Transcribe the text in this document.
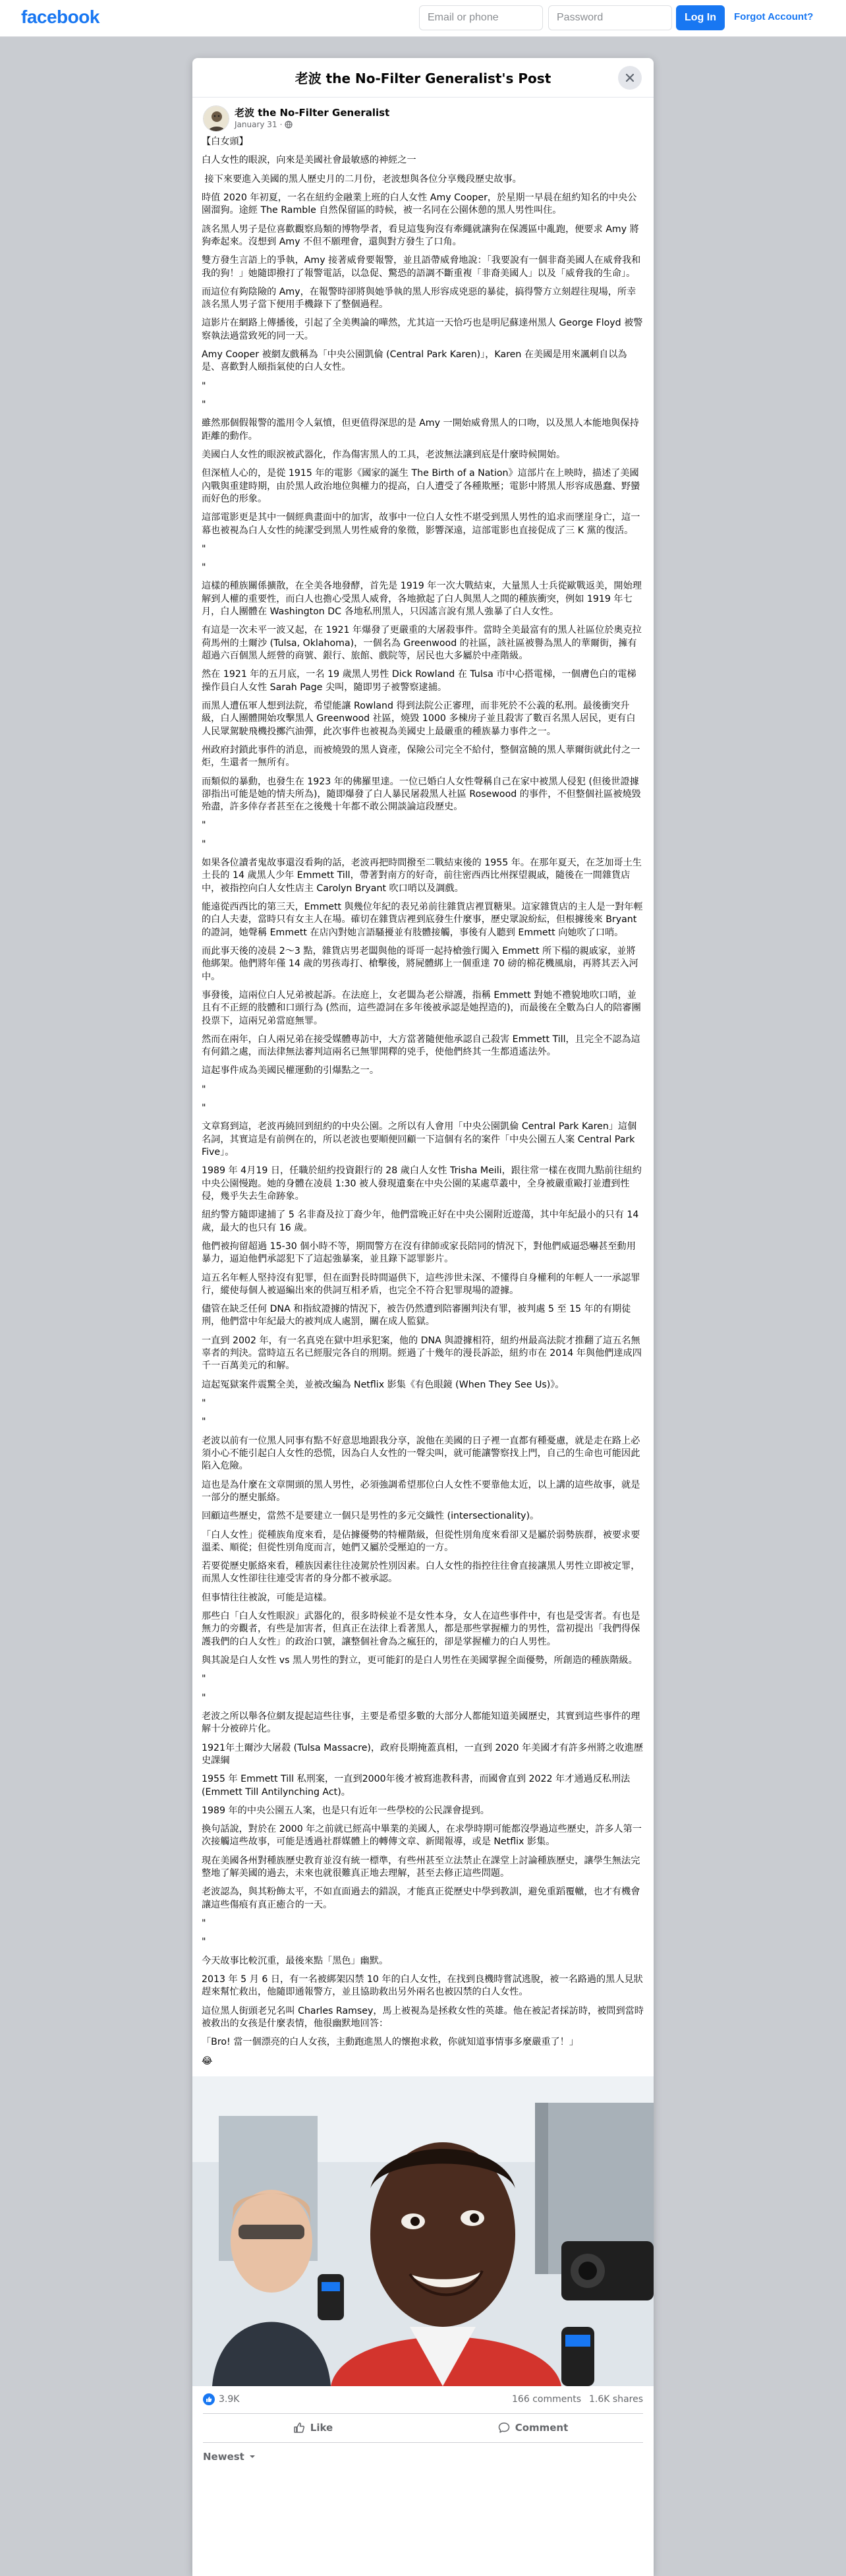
facebook
Email or phone	Log In	Forgot Account?
老波 the No-Filter Generalist's Post
老波 the No-Filter Generalist
January 31 ·

【白女頭】

白人女性的眼淚，向來是美國社會最敏感的神經之一

接下來要進入美國的黑人歷史月的二月份，老波想與各位分享幾段歷史故事。

時值 2020 年初夏，一名在紐約金融業上班的白人女性 Amy Cooper，於星期一早晨在紐約知名的中央公園溜狗。途經 The Ramble 自然保留區的時候，被一名同在公園休憩的黑人男性叫住。

該名黑人男子是位喜歡觀察鳥類的博物學者，看見這隻狗沒有牽繩就讓狗在保護區中亂跑，便要求 Amy 將狗牽起來。沒想到 Amy 不但不願理會，還與對方發生了口角。

雙方發生言語上的爭執，Amy 接著威脅要報警，並且語帶威脅地說：「我要說有一個非裔美國人在威脅我和我的狗！」她隨即撥打了報警電話，以急促、驚恐的語調不斷重複「非裔美國人」以及「威脅我的生命」。

而這位有夠陰險的 Amy，在報警時卻將與她爭執的黑人形容成兇惡的暴徒，搞得警方立刻趕往現場，所幸該名黑人男子當下便用手機錄下了整個過程。

這影片在網路上傳播後，引起了全美輿論的嘩然，尤其這一天恰巧也是明尼蘇達州黑人 George Floyd 被警察執法過當致死的同一天。

Amy Cooper 被網友戲稱為「中央公園凱倫 (Central Park Karen)」，Karen 在美國是用來諷刺自以為是、喜歡對人頤指氣使的白人女性。

"

"

雖然那個假報警的濫用令人氣憤，但更值得深思的是 Amy 一開始威脅黑人的口吻，以及黑人本能地與保持距離的動作。

美國白人女性的眼淚被武器化，作為傷害黑人的工具，老波無法讓到底是什麼時候開始。

但深植人心的，是從 1915 年的電影《國家的誕生 The Birth of a Nation》這部片在上映時，描述了美國內戰與重建時期，由於黑人政治地位與權力的提高，白人遭受了各種欺壓；電影中將黑人形容成愚蠢、野蠻而好色的形象。

這部電影更是其中一個經典畫面中的加害，故事中一位白人女性不堪受到黑人男性的追求而墜崖身亡，這一幕也被視為白人女性的純潔受到黑人男性威脅的象徵，影響深遠，這部電影也直接促成了三 K 黨的復活。

"

"

這樣的種族關係擴散，在全美各地發酵，首先是 1919 年一次大戰結束，大量黑人士兵從歐戰返美，開始理解到人權的重要性，而白人也擔心受黑人威脅，各地掀起了白人與黑人之間的種族衝突，例如 1919 年七月，白人團體在 Washington DC 各地私刑黑人，只因謠言說有黑人強暴了白人女性。

有這是一次未平一波又起，在 1921 年爆發了更嚴重的大屠殺事件。當時全美最富有的黑人社區位於奧克拉荷馬州的土爾沙 (Tulsa, Oklahoma)，一個名為 Greenwood 的社區，該社區被譽為黑人的華爾街，擁有超過六百個黑人經營的商號、銀行、旅館、戲院等，居民也大多屬於中產階級。

然在 1921 年的五月底，一名 19 歲黑人男性 Dick Rowland 在 Tulsa 市中心搭電梯，一個膚色白的電梯操作員白人女性 Sarah Page 尖叫，隨即男子被警察逮捕。

而黑人遭伍軍人想到法院，希望能讓 Rowland 得到法院公正審理，而非死於不公義的私刑。最後衝突升級，白人團體開始攻擊黑人 Greenwood 社區，燒毀 1000 多棟房子並且殺害了數百名黑人居民，更有白人民眾駕駛飛機投擲汽油彈，此次事件也被視為美國史上最嚴重的種族暴力事件之一。

州政府封鎖此事件的消息，而被燒毀的黑人資產，保險公司完全不給付，整個富饒的黑人華爾街就此付之一炬，生還者一無所有。

而類似的暴動，也發生在 1923 年的佛羅里達。一位已婚白人女性聲稱自己在家中被黑人侵犯 (但後世證據卻指出可能是她的情夫所為)，隨即爆發了白人暴民屠殺黑人社區 Rosewood 的事件，不但整個社區被燒毀殆盡，許多倖存者甚至在之後幾十年都不敢公開談論這段歷史。

"

"

如果各位讀者鬼故事還沒看夠的話，老波再把時間撥至二戰結束後的 1955 年。在那年夏天，在芝加哥土生土長的 14 歲黑人少年 Emmett Till，帶著對南方的好奇，前往密西西比州探望親戚，隨後在一間雜貨店中，被指控向白人女性店主 Carolyn Bryant 吹口哨以及調戲。

能遠從西西比的第三天，Emmett 與幾位年紀的表兄弟前往雜貨店裡買糖果。這家雜貨店的主人是一對年輕的白人夫妻，當時只有女主人在場。確切在雜貨店裡到底發生什麼事，歷史眾說紛紜，但根據後來 Bryant 的證詞，她聲稱 Emmett 在店內對她言語騷擾並有肢體接觸，事後有人聽到 Emmett 向她吹了口哨。

而此事天後的凌晨 2～3 點，雜貨店男老闆與他的哥哥一起持槍強行闖入 Emmett 所下榻的親戚家，並將他綁架。他們將年僅 14 歲的男孩毒打、槍擊後，將屍體綁上一個重達 70 磅的棉花機風扇，再將其丟入河中。

事發後，這兩位白人兄弟被起訴。在法庭上，女老闆為老公辯護，指稱 Emmett 對她不禮貌地吹口哨，並且有不正經的肢體和口頭行為 (然而，這些證詞在多年後被承認是她捏造的)，而最後在全數為白人的陪審團投票下，這兩兄弟當庭無罪。

然而在兩年，白人兩兄弟在接受媒體專訪中，大方當著隨便他承認自己殺害 Emmett Till，且完全不認為這有何錯之處，而法律無法審判這兩名已無罪開釋的兇手，使他們終其一生都逍遙法外。

這起事件成為美國民權運動的引爆點之一。

"

"

文章寫到這，老波再繞回到紐約的中央公園。之所以有人會用「中央公園凱倫 Central Park Karen」這個名詞，其實這是有前例在的，所以老波也要順便回顧一下這個有名的案件「中央公園五人案 Central Park Five」。

1989 年 4月19 日，任職於紐約投資銀行的 28 歲白人女性 Trisha Meili，跟往常一樣在夜間九點前往紐約中央公園慢跑。她的身體在凌晨 1:30 被人發現遺棄在中央公園的某處草叢中，全身被嚴重毆打並遭到性侵，幾乎失去生命跡象。

紐約警方隨即逮捕了 5 名非裔及拉丁裔少年，他們當晚正好在中央公園附近遊蕩，其中年紀最小的只有 14 歲，最大的也只有 16 歲。

他們被拘留超過 15-30 個小時不等，期間警方在沒有律師或家長陪同的情況下，對他們威逼恐嚇甚至動用暴力，逼迫他們承認犯下了這起強暴案，並且錄下認罪影片。

這五名年輕人堅持沒有犯罪，但在面對長時間逼供下，這些涉世未深、不懂得自身權利的年輕人一一承認罪行，縱使每個人被逼編出來的供詞互相矛盾，也完全不符合犯罪現場的證據。

儘管在缺乏任何 DNA 和指紋證據的情況下，被告仍然遭到陪審團判決有罪，被判處 5 至 15 年的有期徒刑，他們當中年紀最大的被判成人處罰，關在成人監獄。

一直到 2002 年，有一名真兇在獄中坦承犯案，他的 DNA 與證據相符，紐約州最高法院才推翻了這五名無辜者的判決。當時這五名已經服完各自的刑期。經過了十幾年的漫長訴訟，紐約市在 2014 年與他們達成四千一百萬美元的和解。

這起冤獄案件震驚全美，並被改編為 Netflix 影集《有色眼鏡 (When They See Us)》。

"

"

老波以前有一位黑人同事有點不好意思地跟我分享，說他在美國的日子裡一直都有種憂慮，就是走在路上必須小心不能引起白人女性的恐慌，因為白人女性的一聲尖叫，就可能讓警察找上門，自己的生命也可能因此陷入危險。

這也是為什麼在文章開頭的黑人男性，必須強調希望那位白人女性不要靠他太近，以上講的這些故事，就是一部分的歷史脈絡。

回顧這些歷史，當然不是要建立一個只是男性的多元交織性 (intersectionality)。

「白人女性」從種族角度來看，是佔據優勢的特權階級，但從性別角度來看卻又是屬於弱勢族群，被要求要溫柔、順從；但從性別角度而言，她們又屬於受壓迫的一方。

若要從歷史脈絡來看，種族因素往往凌駕於性別因素。白人女性的指控往往會直接讓黑人男性立即被定罪，而黑人女性卻往往連受害者的身分都不被承認。

但事情往往被說，可能是這樣。

那些白「白人女性眼淚」武器化的，很多時候並不是女性本身，女人在這些事件中，有也是受害者。有也是無力的旁觀者，有些是加害者，但真正在法律上看著黑人，都是那些掌握權力的男性，當初提出「我們得保護我們的白人女性」的政治口號，讓整個社會為之瘋狂的，卻是掌握權力的白人男性。

與其說是白人女性 vs 黑人男性的對立，更可能釘的是白人男性在美國掌握全面優勢，所創造的種族階級。

"

"

老波之所以舉各位網友提起這些往事，主要是希望多數的大部分人都能知道美國歷史，其實到這些事件的理解十分被碎片化。

1921年土爾沙大屠殺 (Tulsa Massacre)，政府長期掩蓋真相，一直到 2020 年美國才有許多州將之收進歷史課綱

1955 年 Emmett Till 私刑案，一直到2000年後才被寫進教科書，而國會直到 2022 年才通過反私刑法 (Emmett Till Antilynching Act)。

1989 年的中央公園五人案，也是只有近年一些學校的公民課會提到。

換句話說，對於在 2000 年之前就已經高中畢業的美國人，在求學時期可能都沒學過這些歷史，許多人第一次接觸這些故事，可能是透過社群媒體上的轉傳文章、新聞報導，或是 Netflix 影集。

現在美國各州對種族歷史教育並沒有統一標準，有些州甚至立法禁止在課堂上討論種族歷史，讓學生無法完整地了解美國的過去，未來也就很難真正地去理解，甚至去修正這些問題。

老波認為，與其粉飾太平，不如直面過去的錯誤，才能真正從歷史中學到教訓，避免重蹈覆轍，也才有機會讓這些傷痕有真正癒合的一天。

"

"

今天故事比較沉重，最後來點「黑色」幽默。

2013 年 5 月 6 日，有一名被綁架囚禁 10 年的白人女性，在找到良機時嘗試逃脫，被一名路過的黑人見狀趕來幫忙救出，他隨即通報警方，並且協助救出另外兩名也被囚禁的白人女性。

這位黑人街頭老兄名叫 Charles Ramsey，馬上被視為是拯救女性的英雄。他在被記者採訪時，被問到當時被救出的女孩是什麼表情，他很幽默地回答：

「Bro! 當一個漂亮的白人女孩，主動跑進黑人的懷抱求救，你就知道事情事多麼嚴重了！」

😂
3.9K	166 comments 1.6K shares
Like	Comment
Newest
